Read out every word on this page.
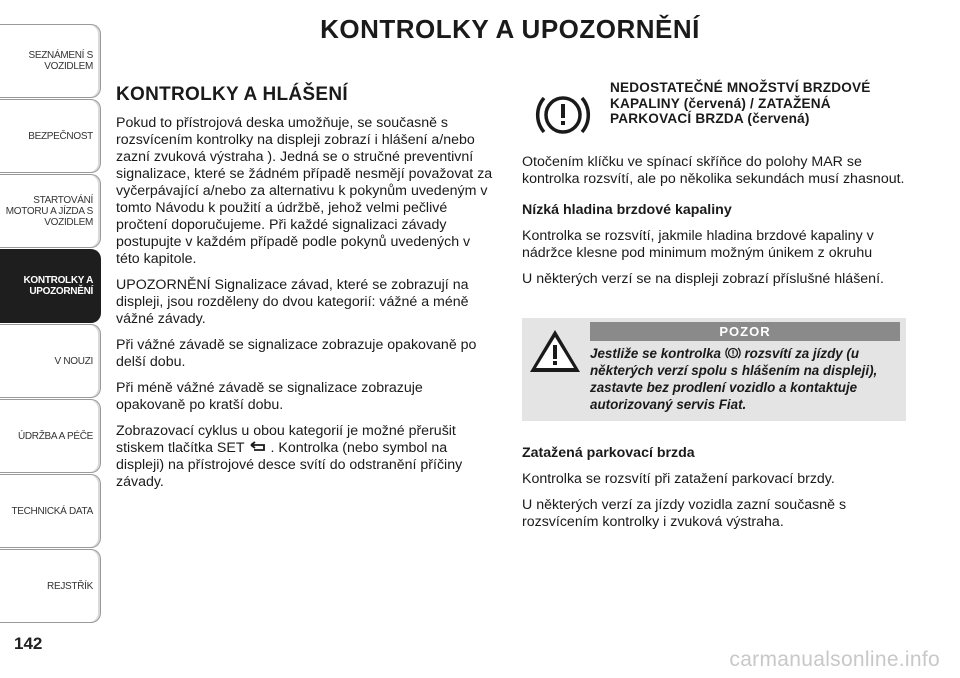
SEZNÁMENÍ S
VOZIDLEM
BEZPEČNOST
STARTOVÁNÍ
MOTORU A JÍZDA S
VOZIDLEM
KONTROLKY A
UPOZORNĚNÍ
V NOUZI
ÚDRŽBA A PÉČE
TECHNICKÁ DATA
REJSTŘÍK
142
KONTROLKY A UPOZORNĚNÍ
KONTROLKY A HLÁŠENÍ

Pokud to přístrojová deska umožňuje, se současně s rozsvícením kontrolky na displeji zobrazí i hlášení a/nebo zazní zvuková výstraha ). Jedná se o stručné preventivní signalizace, které se žádném případě nesmějí považovat za vyčerpávající a/nebo za alternativu k pokynům uvedeným v tomto Návodu k použití a údržbě, jehož velmi pečlivé pročtení doporučujeme. Při každé signalizaci závady postupujte v každém případě podle pokynů uvedených v této kapitole.

UPOZORNĚNÍ Signalizace závad, které se zobrazují na displeji, jsou rozděleny do dvou kategorií: vážné a méně vážné závady.

Při vážné závadě se signalizace zobrazuje opakovaně po delší dobu.

Při méně vážné závadě se signalizace zobrazuje opakovaně po kratší dobu.

Zobrazovací cyklus u obou kategorií je možné přerušit stiskem tlačítka SET . Kontrolka (nebo symbol na displeji) na přístrojové desce svítí do odstranění příčiny závady.

NEDOSTATEČNÉ MNOŽSTVÍ BRZDOVÉ KAPALINY (červená) / ZATAŽENÁ PARKOVACÍ BRZDA (červená)

Otočením klíčku ve spínací skříňce do polohy MAR se kontrolka rozsvítí, ale po několika sekundách musí zhasnout.

Nízká hladina brzdové kapaliny

Kontrolka se rozsvítí, jakmile hladina brzdové kapaliny v nádržce klesne pod minimum možným únikem z okruhu

U některých verzí se na displeji zobrazí příslušné hlášení.

POZOR
Jestliže se kontrolka rozsvítí za jízdy (u některých verzí spolu s hlášením na displeji), zastavte bez prodlení vozidlo a kontaktuje autorizovaný servis Fiat.
Zatažená parkovací brzda

Kontrolka se rozsvítí při zatažení parkovací brzdy.

U některých verzí za jízdy vozidla zazní současně s rozsvícením kontrolky i zvuková výstraha.

carmanualsonline.info
